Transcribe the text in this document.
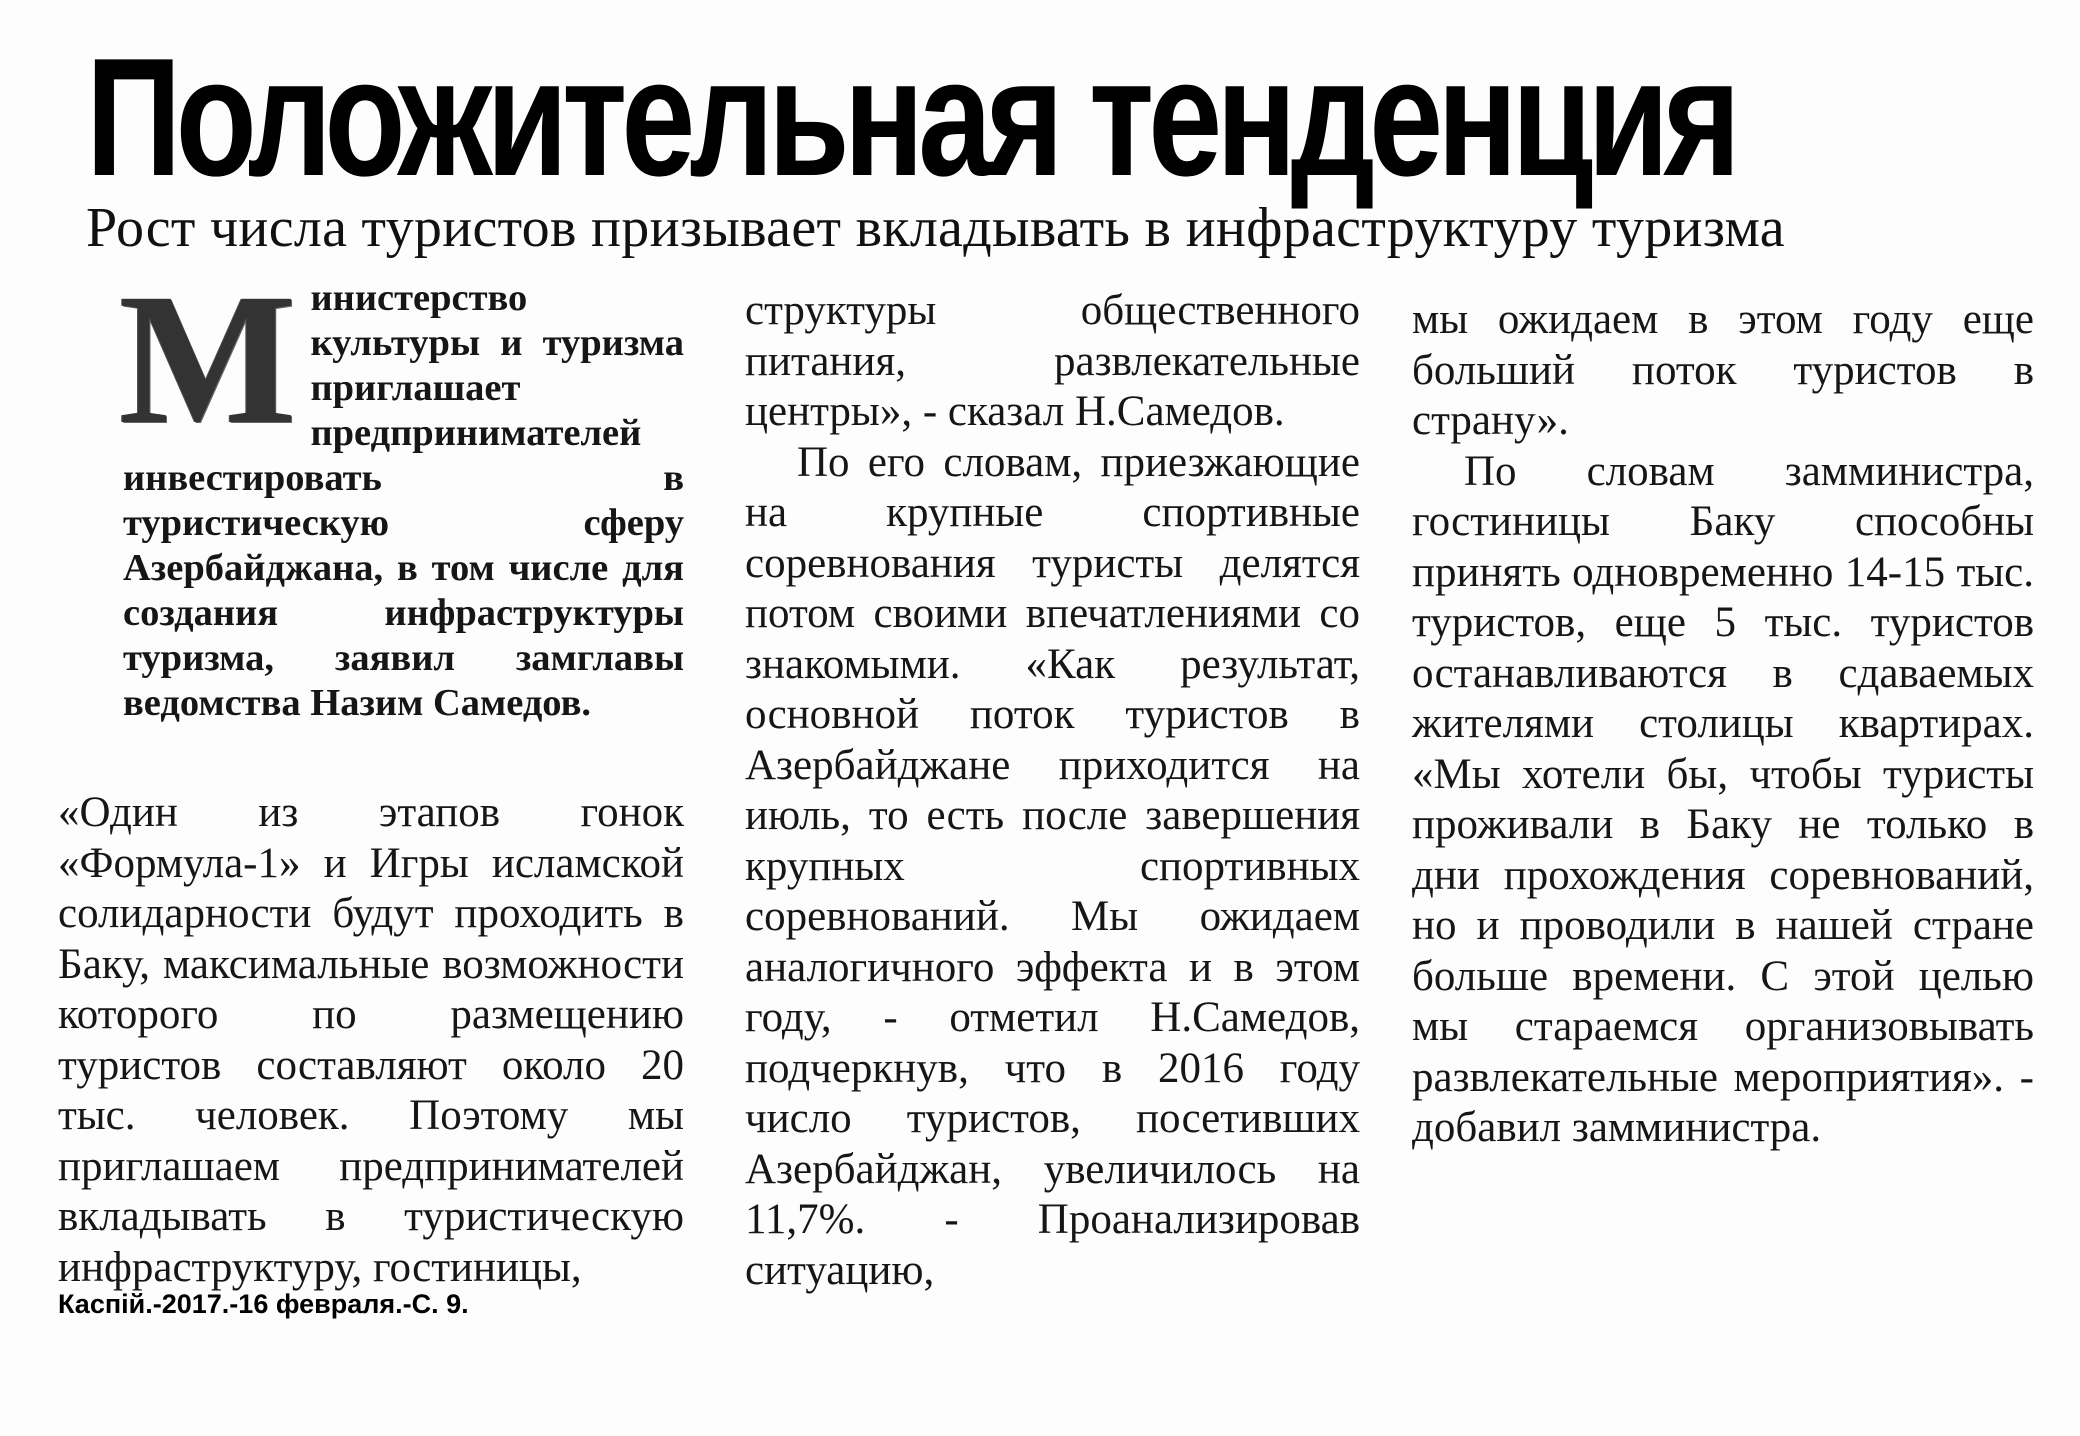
Положительная тенденция
Рост числа туристов призывает вкладывать в инфраструктуру туризма
Министерство культуры и туризма приглашает предпринимателей инвестировать в туристическую сферу Азербайджана, в том числе для создания инфраструктуры туризма, заявил замглавы ведомства Назим Самедов.

«Один из этапов гонок «Формула-1» и Игры исламской солидарности будут проходить в Баку, максимальные возможности которого по размещению туристов составляют около 20 тыс. человек. Поэтому мы приглашаем предпринимателей вкладывать в туристическую инфраструктуру, гостиницы,

структуры общественного питания, развлекательные центры», - сказал Н.Самедов.

По его словам, приезжающие на крупные спортивные соревнования туристы делятся потом своими впечатлениями со знакомыми. «Как результат, основной поток туристов в Азербайджане приходится на июль, то есть после завершения крупных спортивных соревнований. Мы ожидаем аналогичного эффекта и в этом году, - отметил Н.Самедов, подчеркнув, что в 2016 году число туристов, посетивших Азербайджан, увеличилось на 11,7%. - Проанализировав ситуацию,

мы ожидаем в этом году еще больший поток туристов в страну».

По словам замминистра, гостиницы Баку способны принять одновременно 14-15 тыс. туристов, еще 5 тыс. туристов останавливаются в сдаваемых жителями столицы квартирах. «Мы хотели бы, чтобы туристы проживали в Баку не только в дни прохождения соревнований, но и проводили в нашей стране больше времени. С этой целью мы стараемся организовывать развлекательные мероприятия». - добавил замминистра.

Каспій.-2017.-16 февраля.-С. 9.
